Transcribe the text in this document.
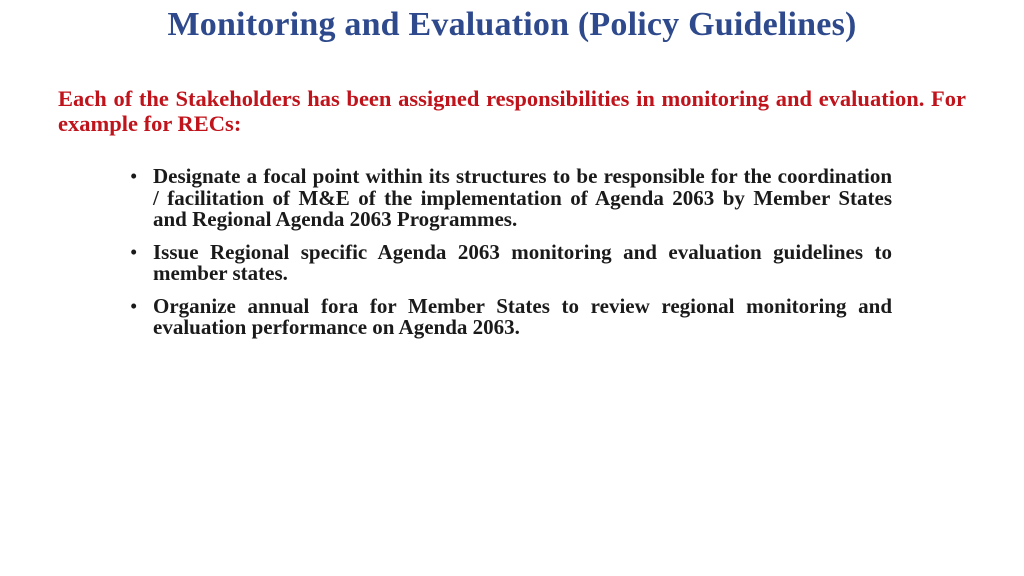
Monitoring and Evaluation (Policy Guidelines)
Each of the Stakeholders has been assigned responsibilities in monitoring and evaluation. For example for RECs:
• Designate a focal point within its structures to be responsible for the coordination / facilitation of M&E of the implementation of Agenda 2063 by Member States and Regional Agenda 2063 Programmes.
• Issue Regional specific Agenda 2063 monitoring and evaluation guidelines to member states.
• Organize annual fora for Member States to review regional monitoring and evaluation performance on Agenda 2063.
